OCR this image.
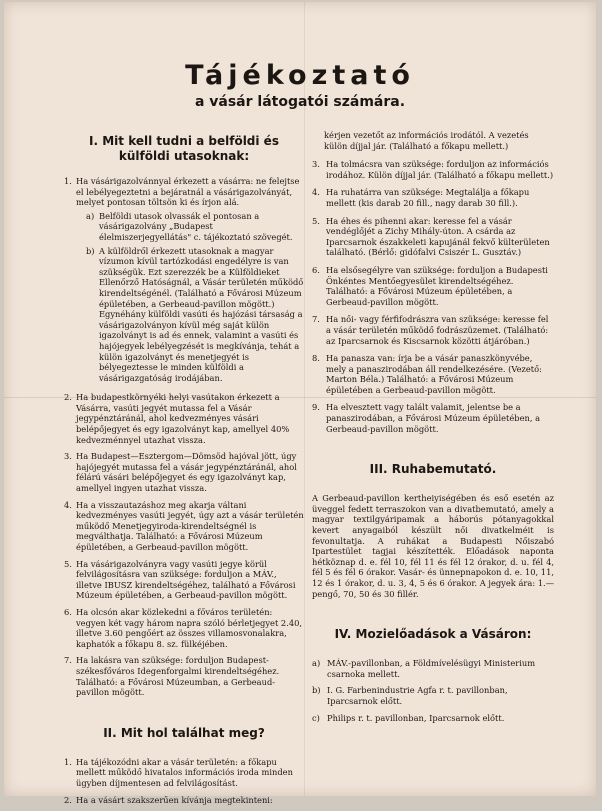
Tájékoztató
a vásár látogatói számára.
I. Mit kell tudni a belföldi és külföldi utasoknak:
1. Ha vásárigazolvánnyal érkezett a vásárra: ne felejtse el lebélyegeztetni a bejáratnál a vásárigazolványát, melyet pontosan töltsön ki és írjon alá.
a) Belföldi utasok olvassák el pontosan a vásárigazolvány „Budapest élelmiszerjegyellátás" c. tájékoztató szövegét.
b) A külföldről érkezett utasoknak a magyar vízumon kívül tartózkodási engedélyre is van szükségük. Ezt szerezzék be a Külföldieket Ellenőrző Hatóságnál, a Vásár területén működő kirendeltségénél. (Található a Fővárosi Múzeum épületében, a Gerbeaud-pavillon mögött.) Egynéhány külföldi vasúti és hajózási társaság a vásárigazolványon kívül még saját külön igazolványt is ad és ennek, valamint a vasúti és hajójegyek lebélyegzését is megkívánja, tehát a külön igazolványt és menetjegyét is bélyegeztesse le minden külföldi a vásárigazgatóság irodájában.
2. Ha budapestkörnyéki helyi vasútakon érkezett a Vásárra, vasúti jegyét mutassa fel a Vásár jegypénztáránál, ahol kedvezményes vásári belépőjegyet és egy igazolványt kap, amellyel 40% kedvezménnyel utazhat vissza.
3. Ha Budapest—Esztergom—Dömsöd hajóval jött, úgy hajójegyét mutassa fel a vásár jegypénztáránál, ahol félárú vásári belépőjegyet és egy igazolványt kap, amellyel ingyen utazhat vissza.
4. Ha a visszautazáshoz meg akarja váltani kedvezményes vasúti jegyét, úgy azt a vásár területén működő Menetjegyiroda-kirendeltségnél is megválthatja. Található: a Fővárosi Múzeum épületében, a Gerbeaud-pavillon mögött.
5. Ha vásárigazolványra vagy vasúti jegye körül felvilágosításra van szüksége: forduljon a MÁV., illetve IBUSZ kirendeltségéhez, található a Fővárosi Múzeum épületében, a Gerbeaud-pavillon mögött.
6. Ha olcsón akar közlekedni a főváros területén: vegyen két vagy három napra szóló bérletjegyet 2.40, illetve 3.60 pengőért az összes villamosvonalakra, kaphatók a főkapu 8. sz. fülkéjében.
7. Ha lakásra van szüksége: forduljon Budapest-székesfőváros Idegenforgalmi kirendeltségéhez. Található: a Fővárosi Múzeumban, a Gerbeaud-pavillon mögött.
II. Mit hol találhat meg?
1. Ha tájékozódni akar a vásár területén: a főkapu mellett működő hivatalos információs iroda minden ügyben díjmentesen ad felvilágosítást.
2. Ha a vásárt szakszerűen kívánja megtekinteni:
kérjen vezetőt az információs irodától. A vezetés külön díjjal jár. (Található a főkapu mellett.)
3. Ha tolmácsra van szüksége: forduljon az információs irodához. Külön díjjal jár. (Található a főkapu mellett.)
4. Ha ruhatárra van szüksége: Megtalálja a főkapu mellett (kis darab 20 fill., nagy darab 30 fill.).
5. Ha éhes és pihenni akar: keresse fel a vásár vendéglőjét a Zichy Mihály-úton. A csárda az Iparcsarnok északkeleti kapujánál fekvő külterületen található. (Bérlő: gidófalvi Csiszér L. Gusztáv.)
6. Ha elsősegélyre van szüksége: forduljon a Budapesti Önkéntes Mentőegyesület kirendeltségéhez. Található: a Fővárosi Múzeum épületében, a Gerbeaud-pavillon mögött.
7. Ha női- vagy férfifodrászra van szüksége: keresse fel a vásár területén működő fodrászüzemet. (Található: az Iparcsarnok és Kiscsarnok közötti átjáróban.)
8. Ha panasza van: írja be a vásár panaszkönyvébe, mely a panaszirodában áll rendelkezésére. (Vezető: Marton Béla.) Található: a Fővárosi Múzeum épületében a Gerbeaud-pavillon mögött.
9. Ha elvesztett vagy talált valamit, jelentse be a panaszirodában, a Fővárosi Múzeum épületében, a Gerbeaud-pavillon mögött.
III. Ruhabemutató.
A Gerbeaud-pavillon kertheiyiségében és eső esetén az üveggel fedett terraszokon van a divatbemutató, amely a magyar textilgyáripamak a háborús pótanyagokkal kevert anyagaiból készült női divatkelméit is fevonultatja. A ruhákat a Budapesti Nőiszabó Ipartestület tagjai készítették. Előadások naponta hétköznap d. e. fél 10, fél 11 és fél 12 órakor, d. u. fél 4, fél 5 és fél 6 órakor. Vasár- és ünnepnapokon d. e. 10, 11, 12 és 1 órakor, d. u. 3, 4, 5 és 6 órakor. A jegyek ára: 1.— pengő, 70, 50 és 30 fillér.
IV. Mozielőadások a Vásáron:
a) MÁV.-pavillonban, a Földmívelésügyi Ministerium csarnoka mellett.
b) I. G. Farbenindustrie Agfa r. t. pavillonban, Iparcsarnok előtt.
c) Philips r. t. pavillonban, Iparcsarnok előtt.
